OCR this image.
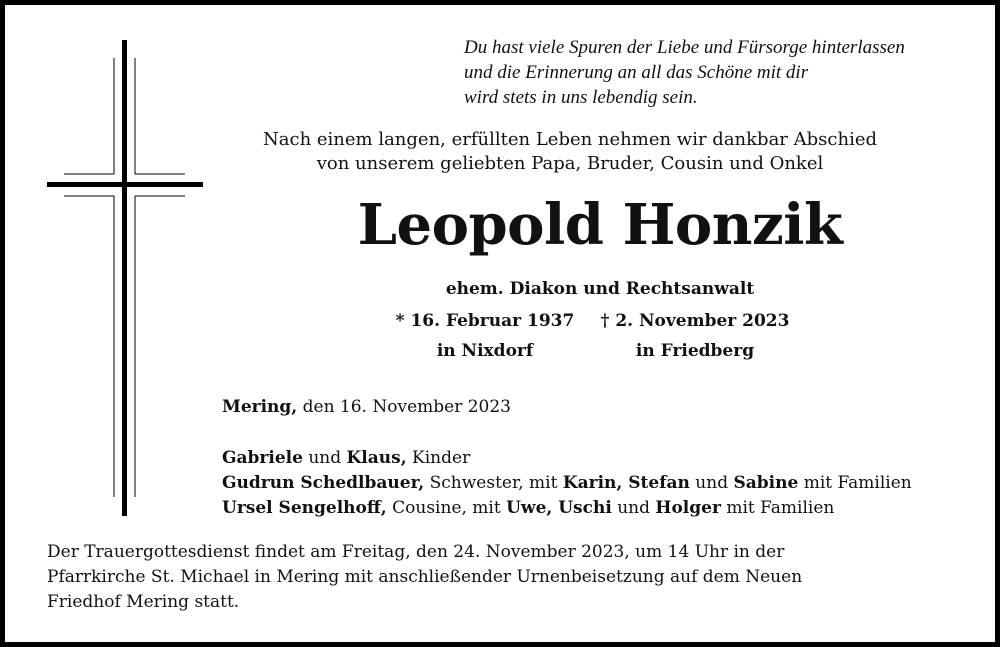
Du hast viele Spuren der Liebe und Fürsorge hinterlassen
und die Erinnerung an all das Schöne mit dir
wird stets in uns lebendig sein.
Nach einem langen, erfüllten Leben nehmen wir dankbar Abschied
von unserem geliebten Papa, Bruder, Cousin und Onkel
Leopold Honzik
ehem. Diakon und Rechtsanwalt
* 16. Februar 1937
in Nixdorf
† 2. November 2023
in Friedberg
Mering, den 16. November 2023
Gabriele und Klaus, Kinder
Gudrun Schedlbauer, Schwester, mit Karin, Stefan und Sabine mit Familien
Ursel Sengelhoff, Cousine, mit Uwe, Uschi und Holger mit Familien
Der Trauergottesdienst findet am Freitag, den 24. November 2023, um 14 Uhr in der
Pfarrkirche St. Michael in Mering mit anschließender Urnenbeisetzung auf dem Neuen
Friedhof Mering statt.
